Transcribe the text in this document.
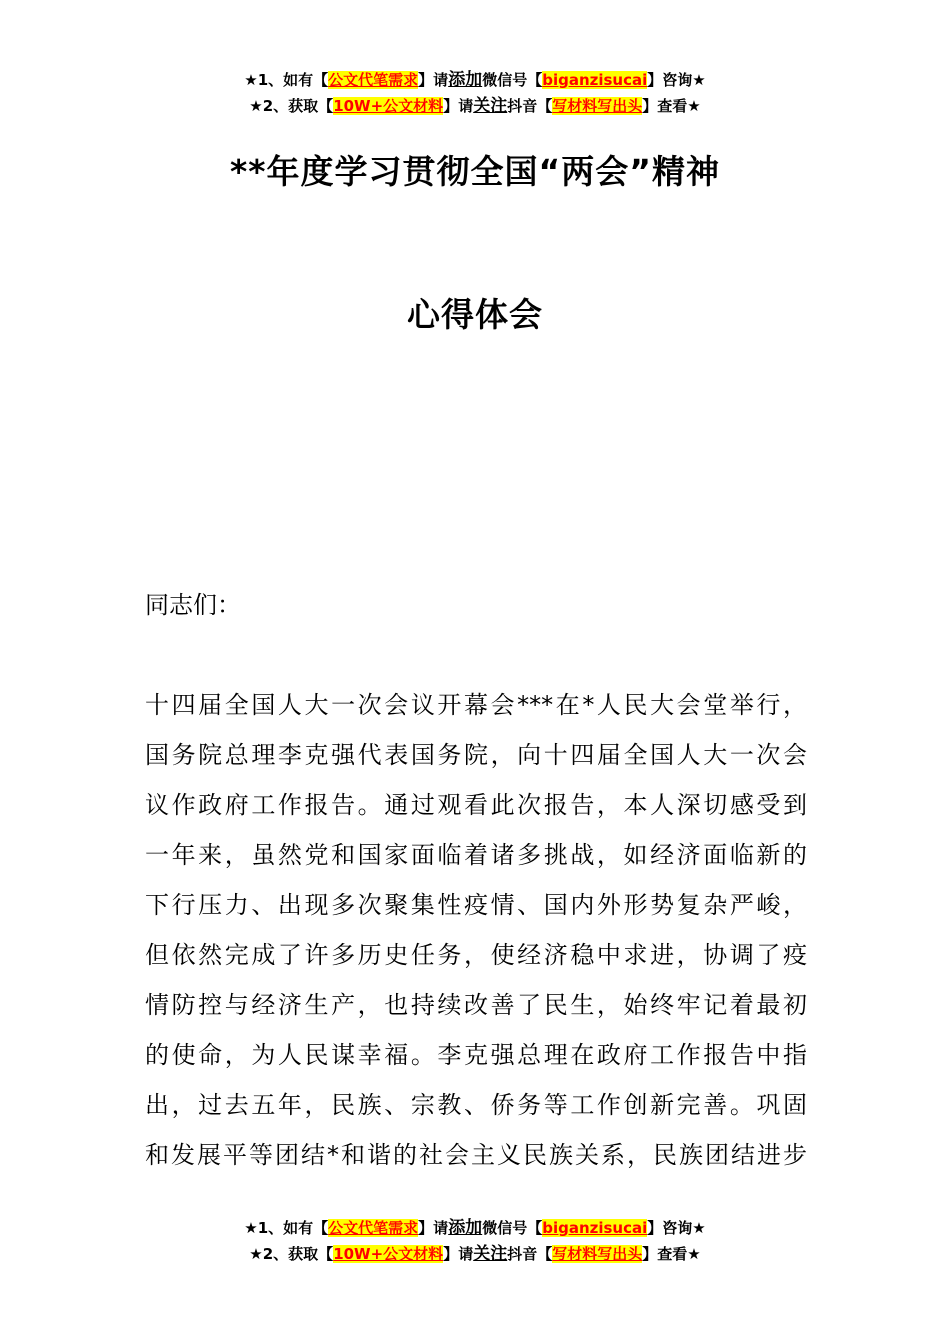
★1、如有【公文代笔需求】请添加微信号【biganzisucai】咨询★
★2、获取【10W+公文材料】请关注抖音【写材料写出头】查看★
**年度学习贯彻全国“两会”精神
心得体会
同志们：
十四届全国人大一次会议开幕会***在*人民大会堂举行，
国务院总理李克强代表国务院，向十四届全国人大一次会
议作政府工作报告。通过观看此次报告，本人深切感受到
一年来，虽然党和国家面临着诸多挑战，如经济面临新的
下行压力、出现多次聚集性疫情、国内外形势复杂严峻，
但依然完成了许多历史任务，使经济稳中求进，协调了疫
情防控与经济生产，也持续改善了民生，始终牢记着最初
的使命，为人民谋幸福。李克强总理在政府工作报告中指
出，过去五年，民族、宗教、侨务等工作创新完善。巩固
和发展平等团结*和谐的社会主义民族关系，民族团结进步
★1、如有【公文代笔需求】请添加微信号【biganzisucai】咨询★
★2、获取【10W+公文材料】请关注抖音【写材料写出头】查看★
